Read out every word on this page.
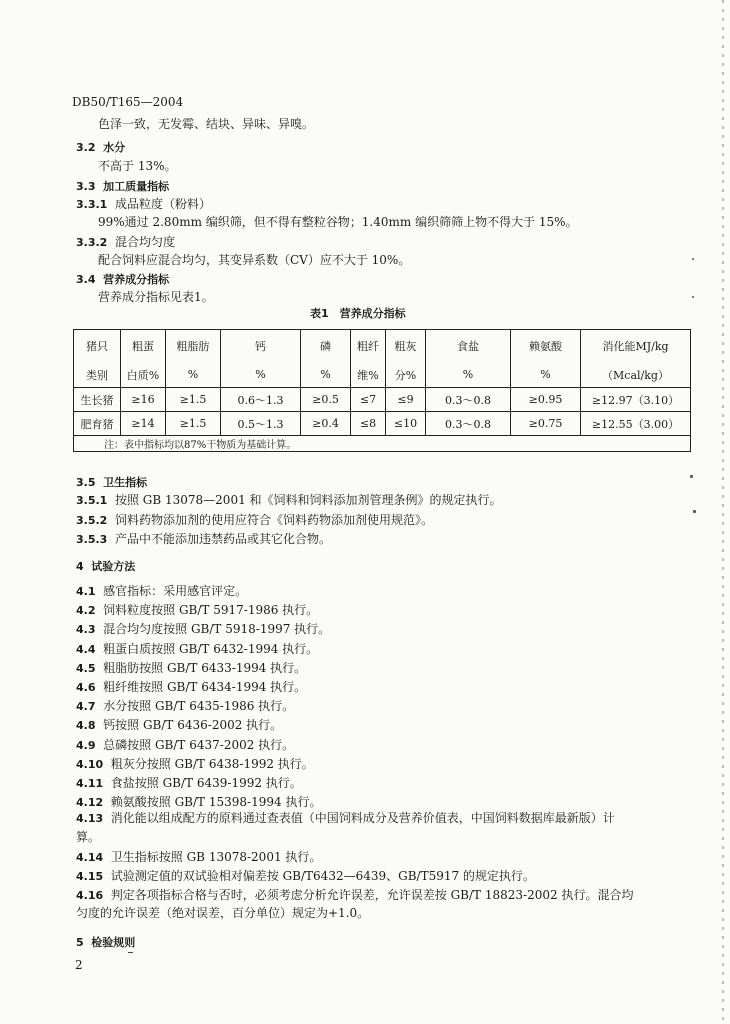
DB50/T165—2004
色泽一致，无发霉、结块、异味、异嗅。
3.2 水分
不高于 13%。
3.3 加工质量指标
3.3.1 成品粒度（粉料）
99%通过 2.80mm 编织筛，但不得有整粒谷物；1.40mm 编织筛筛上物不得大于 15%。
3.3.2 混合均匀度
配合饲料应混合均匀，其变异系数（CV）应不大于 10%。
3.4 营养成分指标
营养成分指标见表1。
表1　营养成分指标
猪只	粗蛋	粗脂肪	钙	磷	粗纤	粗灰	食盐	赖氨酸	消化能MJ/kg
类别	白质%	%	%	%	维%	分%	%	%	（Mcal/kg）
生长猪	≥16	≥1.5	0.6～1.3	≥0.5	≤7	≤9	0.3～0.8	≥0.95	≥12.97（3.10）
肥育猪	≥14	≥1.5	0.5～1.3	≥0.4	≤8	≤10	0.3～0.8	≥0.75	≥12.55（3.00）
注：表中指标均以87%干物质为基础计算。									
3.5 卫生指标
3.5.1 按照 GB 13078—2001 和《饲料和饲料添加剂管理条例》的规定执行。
3.5.2 饲料药物添加剂的使用应符合《饲料药物添加剂使用规范》。
3.5.3 产品中不能添加违禁药品或其它化合物。
4 试验方法
4.1 感官指标：采用感官评定。
4.2 饲料粒度按照 GB/T 5917-1986 执行。
4.3 混合均匀度按照 GB/T 5918-1997 执行。
4.4 粗蛋白质按照 GB/T 6432-1994 执行。
4.5 粗脂肪按照 GB/T 6433-1994 执行。
4.6 粗纤维按照 GB/T 6434-1994 执行。
4.7 水分按照 GB/T 6435-1986 执行。
4.8 钙按照 GB/T 6436-2002 执行。
4.9 总磷按照 GB/T 6437-2002 执行。
4.10 粗灰分按照 GB/T 6438-1992 执行。
4.11 食盐按照 GB/T 6439-1992 执行。
4.12 赖氨酸按照 GB/T 15398-1994 执行。
4.13 消化能以组成配方的原料通过查表值（中国饲料成分及营养价值表，中国饲料数据库最新版）计
算。
4.14 卫生指标按照 GB 13078-2001 执行。
4.15 试验测定值的双试验相对偏差按 GB/T6432—6439、GB/T5917 的规定执行。
4.16 判定各项指标合格与否时，必须考虑分析允许误差，允许误差按 GB/T 18823-2002 执行。混合均
匀度的允许误差（绝对误差，百分单位）规定为+1.0。
5 检验规则
2
